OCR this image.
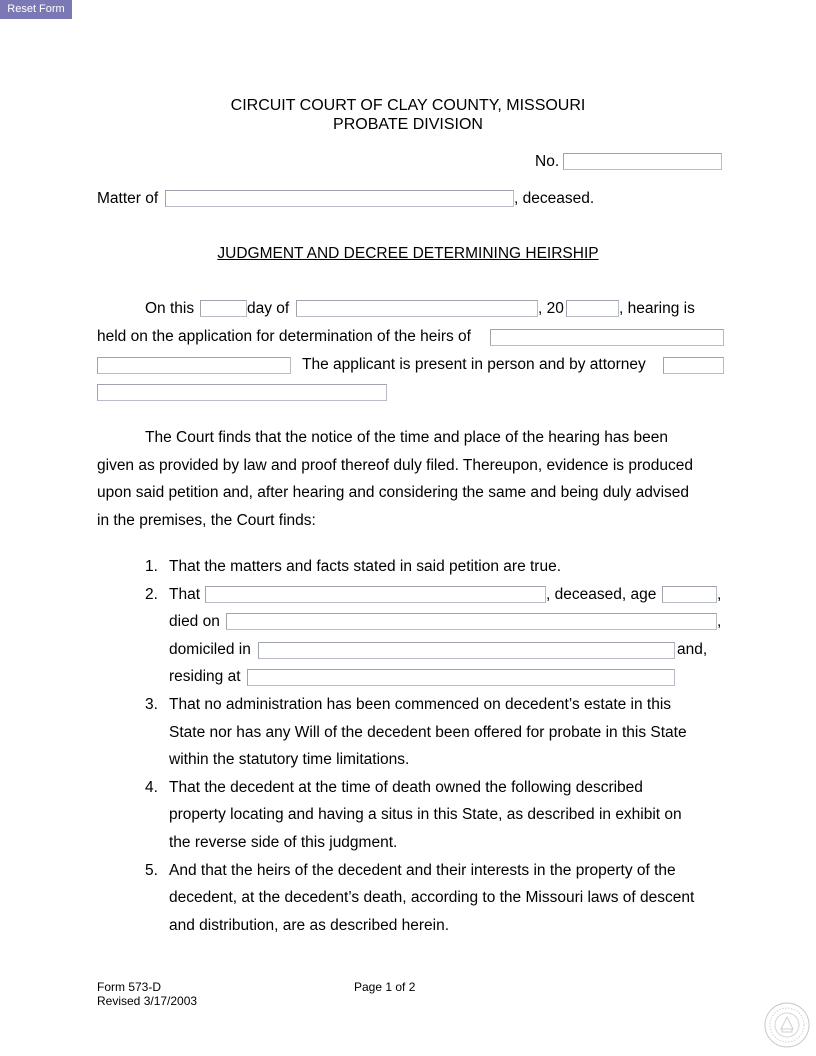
Reset Form
CIRCUIT COURT OF CLAY COUNTY, MISSOURI
PROBATE DIVISION
No.
Matter of	, deceased.
JUDGMENT AND DECREE DETERMINING HEIRSHIP
On this	day of	, 20	, hearing is
held on the application for determination of the heirs of
The applicant is present in person and by attorney
The Court finds that the notice of the time and place of the hearing has been
given as provided by law and proof thereof duly filed. Thereupon, evidence is produced
upon said petition and, after hearing and considering the same and being duly advised
in the premises, the Court finds:
1. That the matters and facts stated in said petition are true.
2. That	, deceased, age	,
died on	,
domiciled in	and,
residing at
3. That no administration has been commenced on decedent’s estate in this
State nor has any Will of the decedent been offered for probate in this State
within the statutory time limitations.
4. That the decedent at the time of death owned the following described
property locating and having a situs in this State, as described in exhibit on
the reverse side of this judgment.
5. And that the heirs of the decedent and their interests in the property of the
decedent, at the decedent’s death, according to the Missouri laws of descent
and distribution, are as described herein.
Form 573-D
Revised 3/17/2003
Page 1 of 2
